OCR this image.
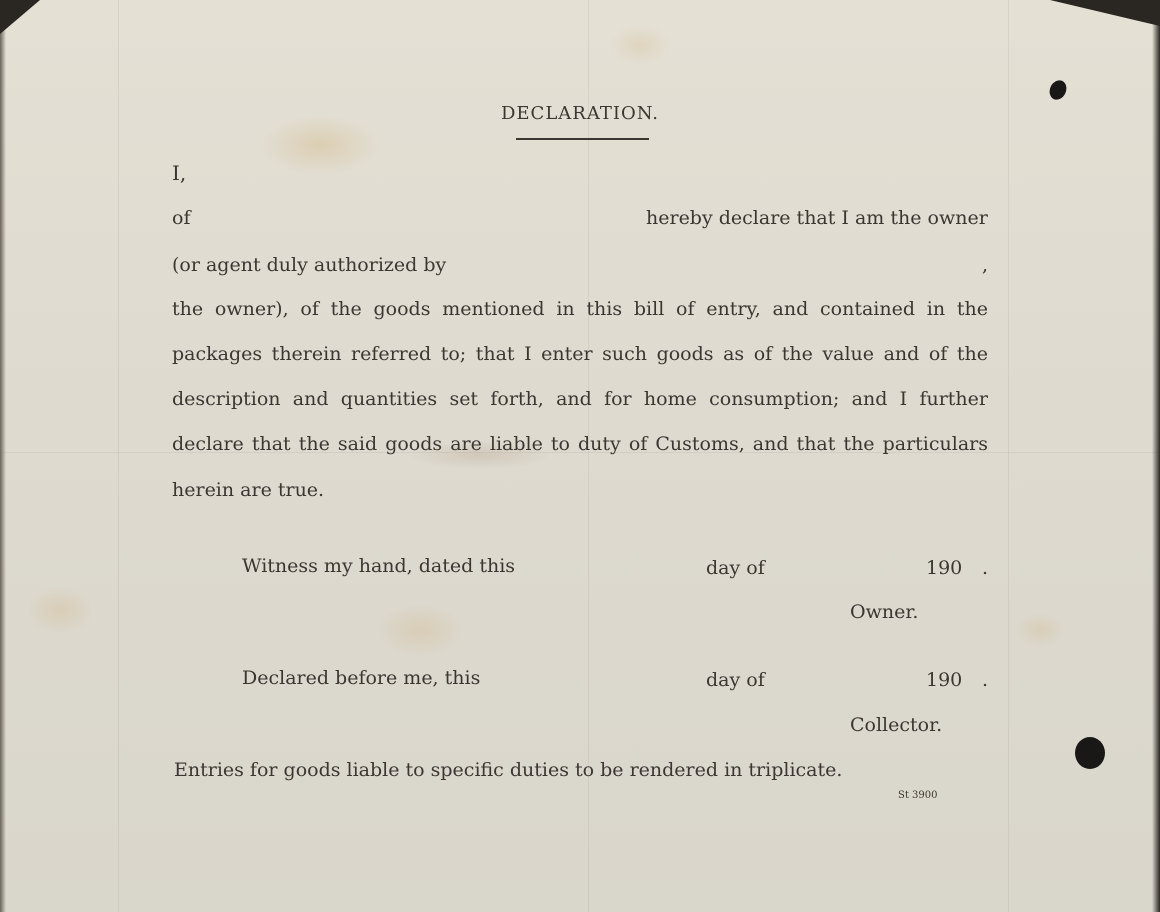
DECLARATION.
I,
of	hereby declare that I am the owner
(or agent duly authorized by	,
the owner), of the goods mentioned in this bill of entry, and contained in the
packages therein referred to; that I enter such goods as of the value and of the
description and quantities set forth, and for home consumption; and I further
declare that the said goods are liable to duty of Customs, and that the particulars
herein are true.
Witness my hand, dated this	day of	190 .
Owner.
Declared before me, this	day of	190 .
Collector.
Entries for goods liable to specific duties to be rendered in triplicate.
St 3900
